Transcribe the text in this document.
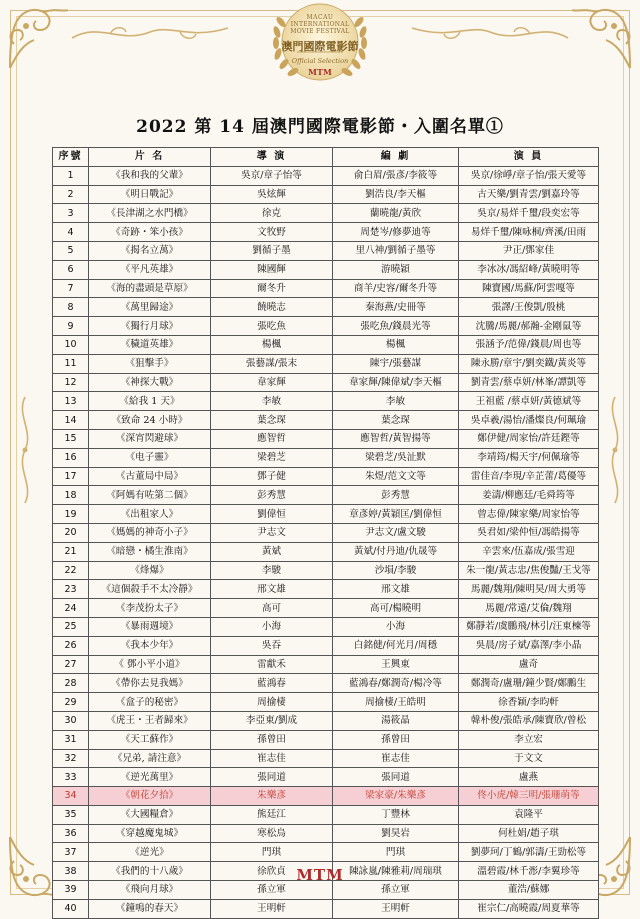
MACAU
INTERNATIONAL
MOVIE FESTIVAL
澳門國際電影節
Official Selection
MTM
2022 第 14 屆澳門國際電影節・入圍名單①
序號	片 名	導 演	編 劇	演 員
1	《我和我的父輩》	吳京/章子怡等	俞白眉/張彥/李筱等	吳京/徐崢/章子怡/張天愛等
2	《明日戰記》	吳炫輝	劉浩良/李天樞	古天樂/劉青雲/劉嘉玲等
3	《長津湖之水門橋》	徐克	蘭曉龍/黃欣	吳京/易烊千璽/段奕宏等
4	《奇跡・笨小孩》	文牧野	周楚岑/修夢迪等	易烊千璽/陳咏桐/齊溪/田雨
5	《揭名立萬》	劉循子墨	里八神/劉循子墨等	尹正/鄧家佳
6	《平凡英雄》	陳國輝	游曉穎	李冰冰/馮紹峰/黃曉明等
7	《海的盡頭是草原》	爾冬升	商羊/史容/爾冬升等	陳寶國/馬蘇/阿雲嘎等
8	《萬里歸途》	饒曉志	秦海燕/史冊等	張譯/王俊凱/殷桃
9	《獨行月球》	張吃魚	張吃魚/錢晨光等	沈騰/馬麗/郝瀚-金剛鼠等
10	《穢道英雄》	楊楓	楊楓	張涵予/范偉/錢晨/周也等
11	《狙擊手》	張藝謀/張末	陳宇/張藝謀	陳永勝/章宇/劉奕鐵/黃炎等
12	《神探大戰》	韋家輝	韋家輝/陳偉斌/李天樞	劉青雲/蔡卓妍/林峯/譚凱等
13	《給我 1 天》	李敏	李敏	王祖藍 /蔡卓妍/黃德斌等
14	《致命 24 小時》	葉念琛	葉念琛	吳卓羲/湯怡/潘燦良/何珮瑜
15	《深宵閃避球》	應智哲	應智哲/黃智揚等	鄭伊健/周家怡/許廷鏗等
16	《电子靈》	梁碧芝	梁碧芝/吳沚默	李靖筠/楊天宇/何佩瑜等
17	《古董局中局》	鄧子健	朱煜/范文文等	雷佳音/李現/辛芷蕾/葛優等
18	《阿媽有咗第二個》	彭秀慧	彭秀慧	姜濤/柳應廷/毛舜筠等
19	《出租家人》	劉偉恒	章彥婷/黃穎匡/劉偉恒	曾志偉/陳家樂/周家怡等
20	《媽媽的神奇小子》	尹志文	尹志文/盧文駿	吳君如/梁仲恒/馮皓揚等
21	《暗戀・橘生淮南》	黃斌	黃斌/付丹迪/仇晟等	辛雲來/伍嘉成/張雪迎
22	《烽爆》	李駿	沙塤/李駿	朱一龍/黃志忠/焦俊豔/王戈等
23	《這個殺手不太冷靜》	邢文雄	邢文雄	馬麗/魏翔/陳明昊/周大勇等
24	《李茂扮太子》	高可	高可/楊曉明	馬麗/常遠/艾倫/魏翔
25	《暴雨週境》	小海	小海	鄭靜若/虞鵬飛/林引/汪東楝等
26	《我本少年》	吳吞	白銘健/何光月/周穩	吳晨/房子斌/嘉澤/李小晶
27	《 鄧小平小道》	雷獻禾	王興東	盧奇
28	《帶你去見我媽》	藍鴻春	藍鴻春/鄭潤奇/楊冷等	鄭潤奇/盧珊/鐘少賢/鄭鵬生
29	《盒子的秘密》	周揄棲	周揄棲/王皓明	徐香颖/李昀軒
30	《虎王・王者歸來》	李亞東/劉成	湯筱晶	韓朴俊/張皓承/陳寶欣/曾松
31	《天工蘇作》	孫曾田	孫曾田	李立宏
32	《兄弟, 請注意》	崔志佳	崔志佳	于文文
33	《逆光萬里》	張同道	張同道	盧燕
34	《朝花夕拾》	朱樂彥	梁家豪/朱樂彥	佟小虎/韓三明/張珊萌等
35	《大國糧倉》	熊廷江	丁豐林	袁隆平
36	《穿越魔鬼城》	寒松烏	劉昊岩	何杜娟/趙子琪
37	《逆光》	門琪	門琪	劉夢珂/丁鶴/郭濤/王勁松等
38	《我們的十八歲》	徐欣貞	陳詠嵐/陳雅莉/周瑞琪	溫碧霞/林千浵/李翼珍等
39	《飛向月球》	孫立軍	孫立軍	董浩/蘇娜
40	《鐘鳴的春天》	王明軒	王明軒	崔宗仁/高曉霞/周夏華等
MTM
